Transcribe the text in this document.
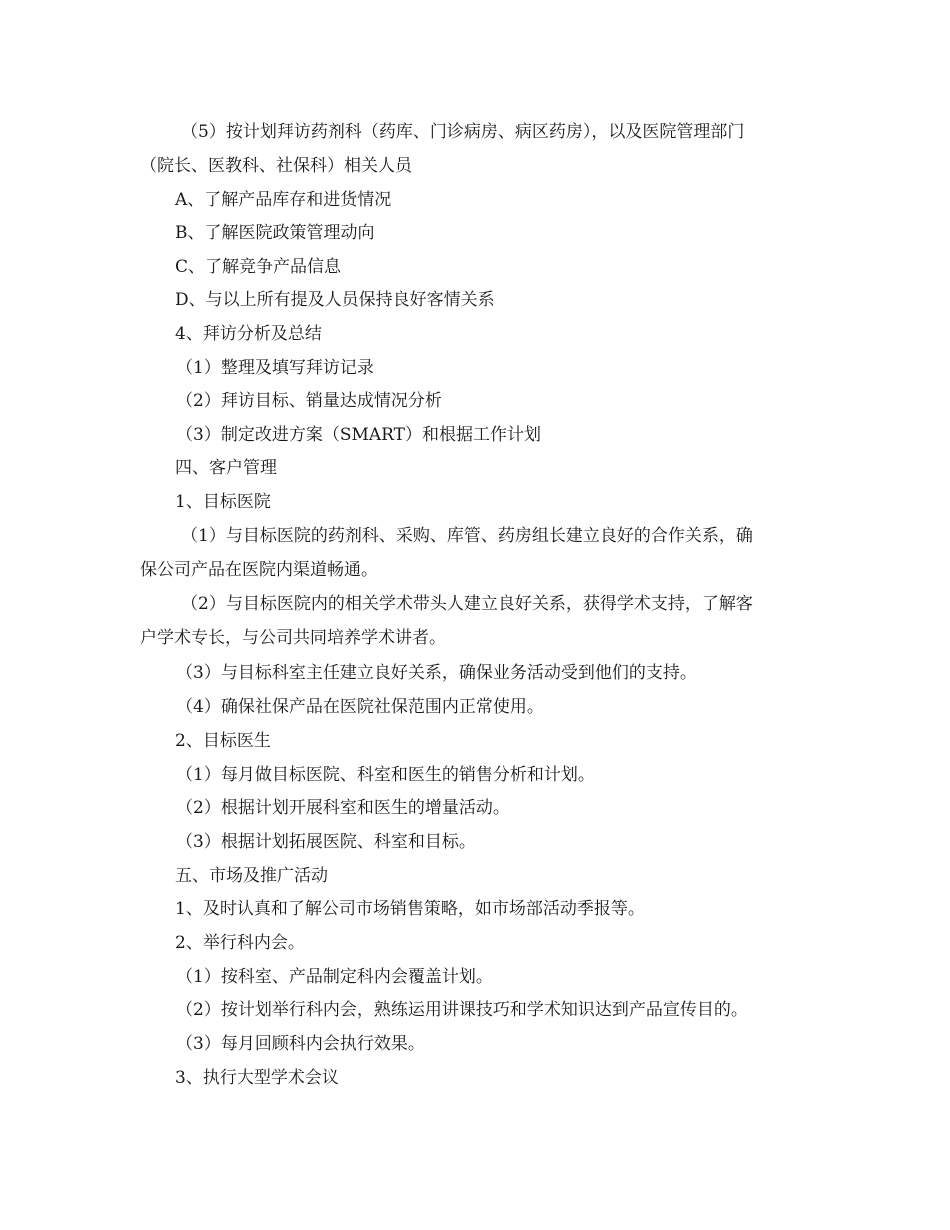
（5）按计划拜访药剂科（药库、门诊病房、病区药房），以及医院管理部门
（院长、医教科、社保科）相关人员
A、了解产品库存和进货情况
B、了解医院政策管理动向
C、了解竞争产品信息
D、与以上所有提及人员保持良好客情关系
4、拜访分析及总结
（1）整理及填写拜访记录
（2）拜访目标、销量达成情况分析
（3）制定改进方案（SMART）和根据工作计划
四、客户管理
1、目标医院
（1）与目标医院的药剂科、采购、库管、药房组长建立良好的合作关系，确
保公司产品在医院内渠道畅通。
（2）与目标医院内的相关学术带头人建立良好关系，获得学术支持，了解客
户学术专长，与公司共同培养学术讲者。
（3）与目标科室主任建立良好关系，确保业务活动受到他们的支持。
（4）确保社保产品在医院社保范围内正常使用。
2、目标医生
（1）每月做目标医院、科室和医生的销售分析和计划。
（2）根据计划开展科室和医生的增量活动。
（3）根据计划拓展医院、科室和目标。
五、市场及推广活动
1、及时认真和了解公司市场销售策略，如市场部活动季报等。
2、举行科内会。
（1）按科室、产品制定科内会覆盖计划。
（2）按计划举行科内会，熟练运用讲课技巧和学术知识达到产品宣传目的。
（3）每月回顾科内会执行效果。
3、执行大型学术会议
